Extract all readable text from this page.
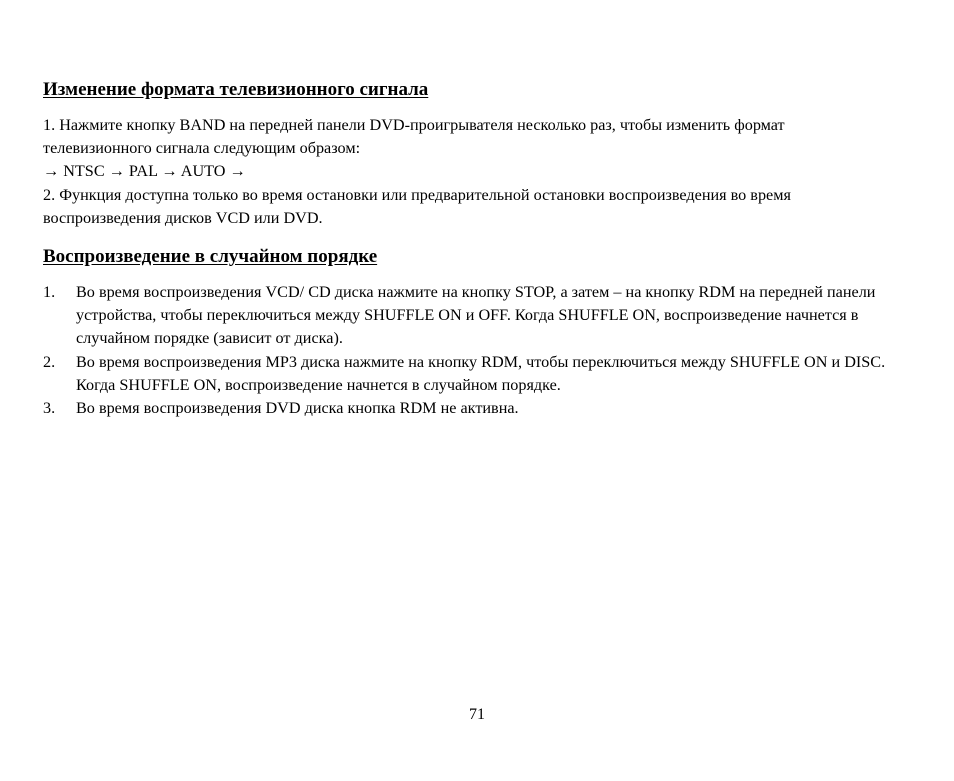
Изменение формата телевизионного сигнала

1. Нажмите кнопку BAND на передней панели DVD-проигрывателя несколько раз, чтобы изменить формат телевизионного сигнала следующим образом:

→ NTSC → PAL → AUTO →

2. Функция доступна только во время остановки или предварительной остановки воспроизведения во время воспроизведения дисков VCD или DVD.

Воспроизведение в случайном порядке
1. Во время воспроизведения VCD/ CD диска нажмите на кнопку STOP, а затем – на кнопку RDM на передней панели устройства, чтобы переключиться между SHUFFLE ON и OFF. Когда SHUFFLE ON, воспроизведение начнется в случайном порядке (зависит от диска).
2. Во время воспроизведения MP3 диска нажмите на кнопку RDM, чтобы переключиться между SHUFFLE ON и DISC. Когда SHUFFLE ON, воспроизведение начнется в случайном порядке.
3. Во время воспроизведения DVD диска кнопка RDM не активна.
71
